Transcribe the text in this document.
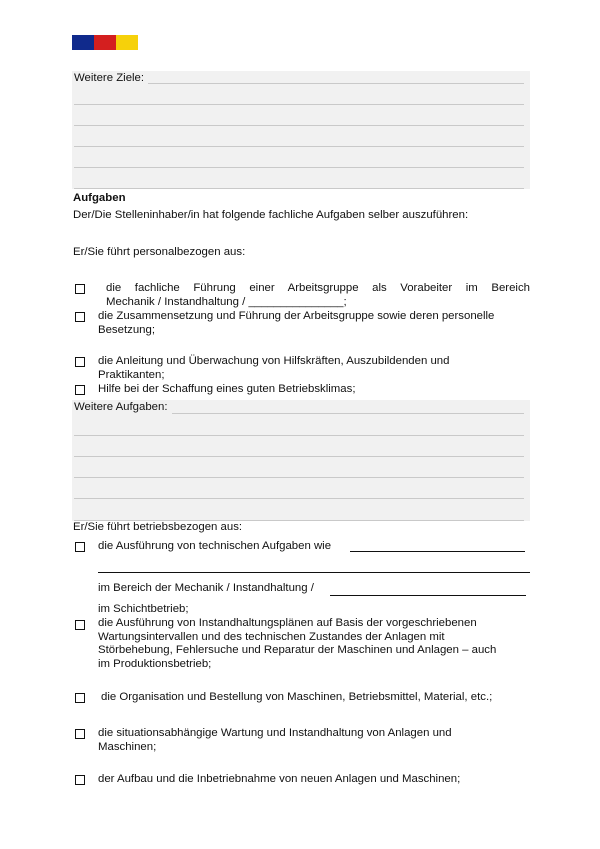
Weitere Ziele:
Aufgaben
Der/Die Stelleninhaber/in hat folgende fachliche Aufgaben selber auszuführen:
Er/Sie führt personalbezogen aus:
die fachliche Führung einer Arbeitsgruppe als Vorabeiter im Bereich
Mechanik / Instandhaltung / _______________;
die Zusammensetzung und Führung der Arbeitsgruppe sowie deren personelle
Besetzung;
die Anleitung und Überwachung von Hilfskräften, Auszubildenden und
Praktikanten;
Hilfe bei der Schaffung eines guten Betriebsklimas;
Weitere Aufgaben:
Er/Sie führt betriebsbezogen aus:
die Ausführung von technischen Aufgaben wie
im Bereich der Mechanik / Instandhaltung /
im Schichtbetrieb;
die Ausführung von Instandhaltungsplänen auf Basis der vorgeschriebenen
Wartungsintervallen und des technischen Zustandes der Anlagen mit
Störbehebung, Fehlersuche und Reparatur der Maschinen und Anlagen – auch
im Produktionsbetrieb;
die Organisation und Bestellung von Maschinen, Betriebsmittel, Material, etc.;
die situationsabhängige Wartung und Instandhaltung von Anlagen und
Maschinen;
der Aufbau und die Inbetriebnahme von neuen Anlagen und Maschinen;
